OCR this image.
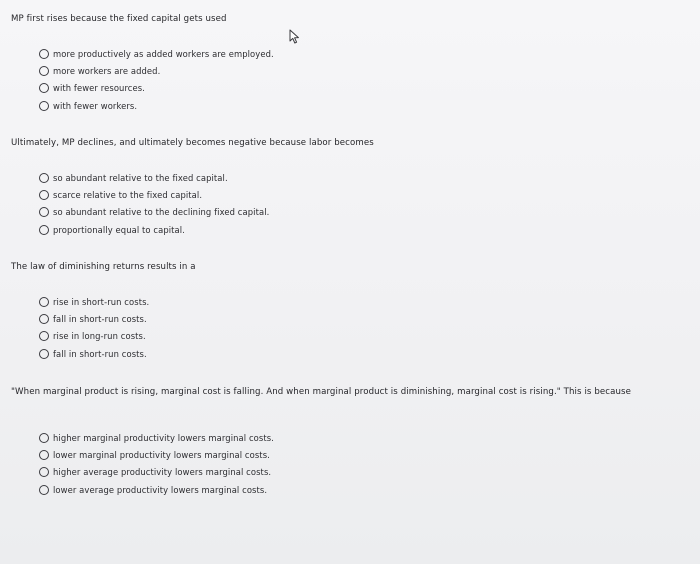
MP first rises because the fixed capital gets used
more productively as added workers are employed.
more workers are added.
with fewer resources.
with fewer workers.
Ultimately, MP declines, and ultimately becomes negative because labor becomes
so abundant relative to the fixed capital.
scarce relative to the fixed capital.
so abundant relative to the declining fixed capital.
proportionally equal to capital.
The law of diminishing returns results in a
rise in short-run costs.
fall in short-run costs.
rise in long-run costs.
fall in short-run costs.
"When marginal product is rising, marginal cost is falling. And when marginal product is diminishing, marginal cost is rising." This is because
higher marginal productivity lowers marginal costs.
lower marginal productivity lowers marginal costs.
higher average productivity lowers marginal costs.
lower average productivity lowers marginal costs.
